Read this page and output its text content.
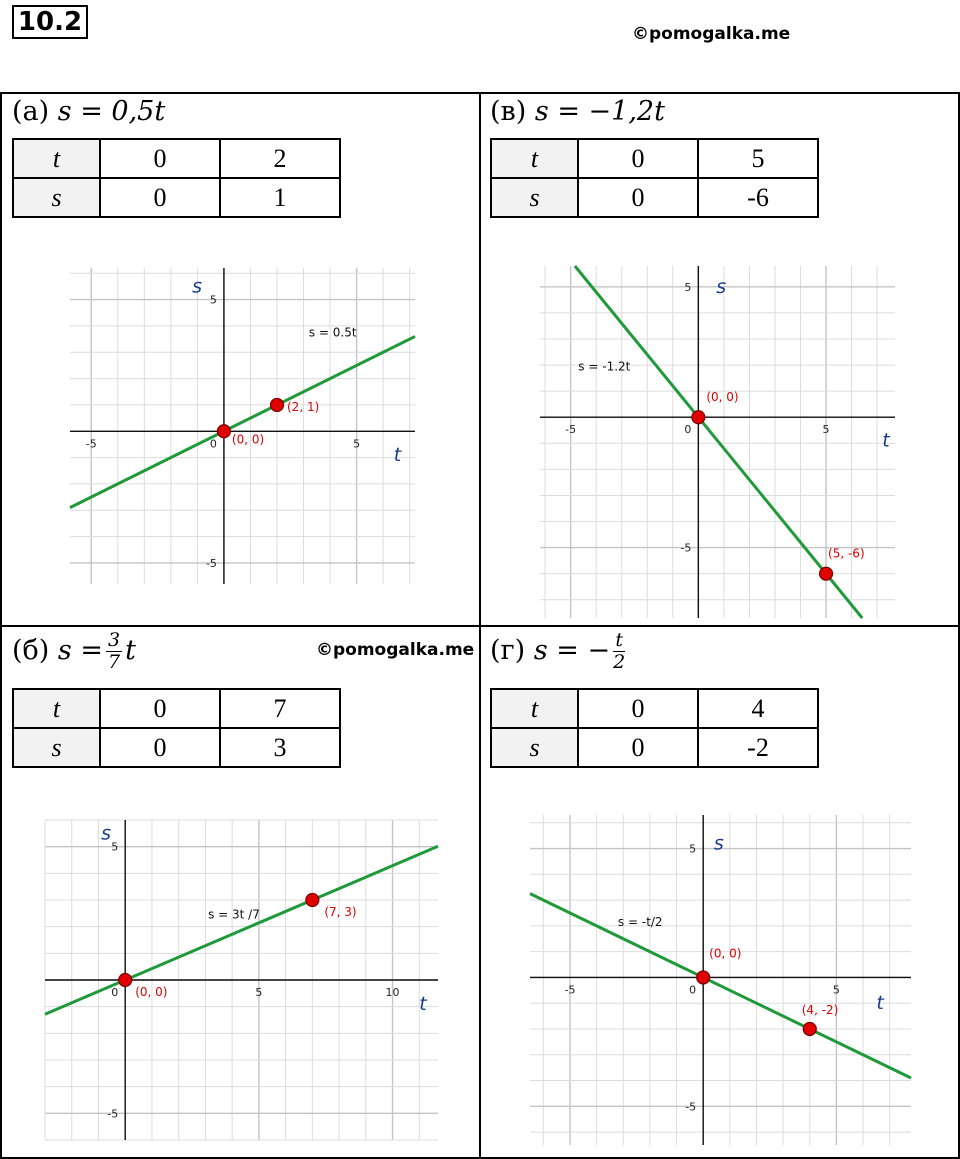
10.2	©pomogalka.me
(а) s = 0,5t
t	0	2
s	0	1
-5	5
5
-5
0
t
s
s = 0.5t
(0, 0)
(2, 1)
(в) s = −1,2t
t	0	5
s	0	-6
-5	5
5
-5
0	t
s
s = -1.2t
(0, 0)
(5, -6)
(б) $s = \frac{3}{7}$ t	©pomogalka.me
t	0	7
s	0	3
5	10
5
-5
0
t
s
s = 3t /7
(0, 0)
(7, 3)
(г) s = − $\frac{t}{2}$
t	0	4
s	0	-2
-5	5
5
-5
0
t
s
s = -t/2
(0, 0)
(4, -2)
